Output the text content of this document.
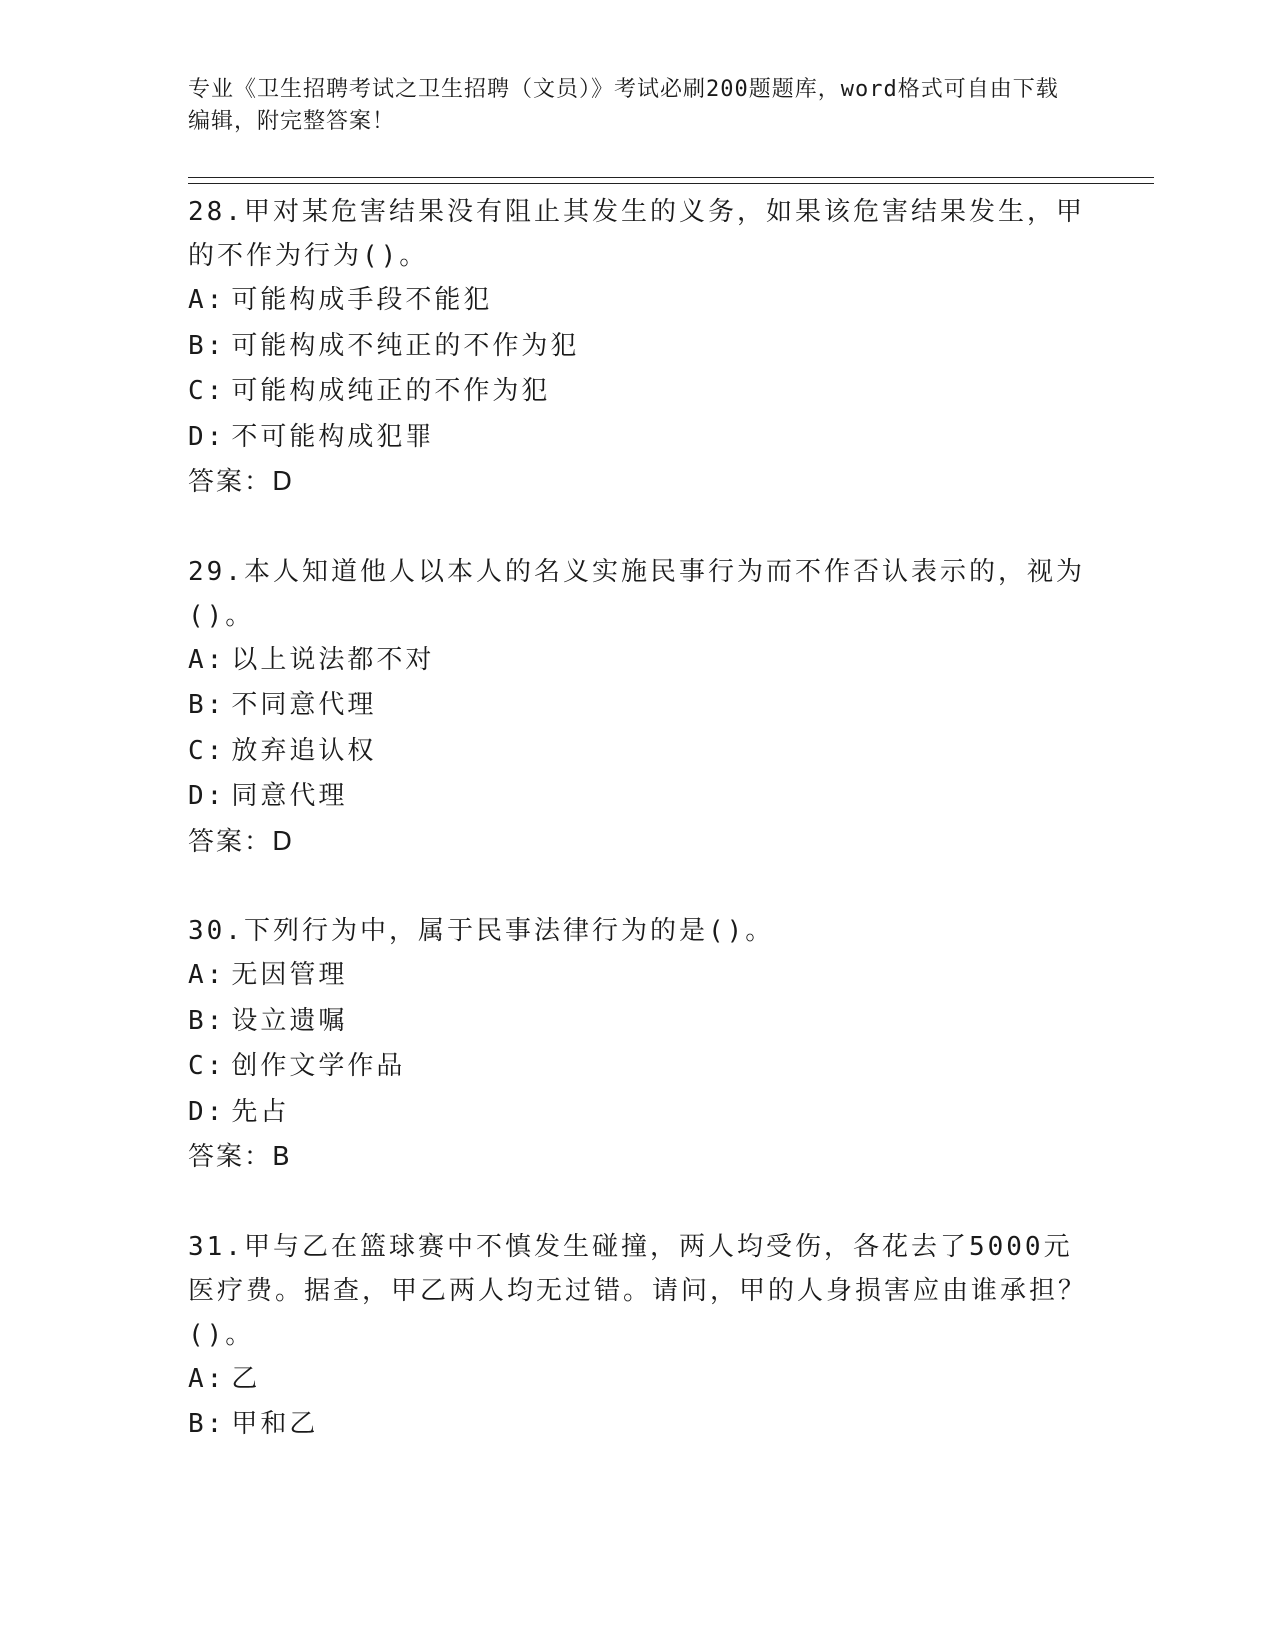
专业《卫生招聘考试之卫生招聘（文员）》考试必刷200题题库，word格式可自由下载编辑，附完整答案！
28.甲对某危害结果没有阻止其发生的义务，如果该危害结果发生，甲的不作为行为()。
A: 可能构成手段不能犯
B: 可能构成不纯正的不作为犯
C: 可能构成纯正的不作为犯
D: 不可能构成犯罪
答案：D
29.本人知道他人以本人的名义实施民事行为而不作否认表示的，视为()。
A: 以上说法都不对
B: 不同意代理
C: 放弃追认权
D: 同意代理
答案：D
30.下列行为中，属于民事法律行为的是()。
A: 无因管理
B: 设立遗嘱
C: 创作文学作品
D: 先占
答案：B
31.甲与乙在篮球赛中不慎发生碰撞，两人均受伤，各花去了5000元医疗费。据查，甲乙两人均无过错。请问，甲的人身损害应由谁承担？()。
A: 乙
B: 甲和乙
